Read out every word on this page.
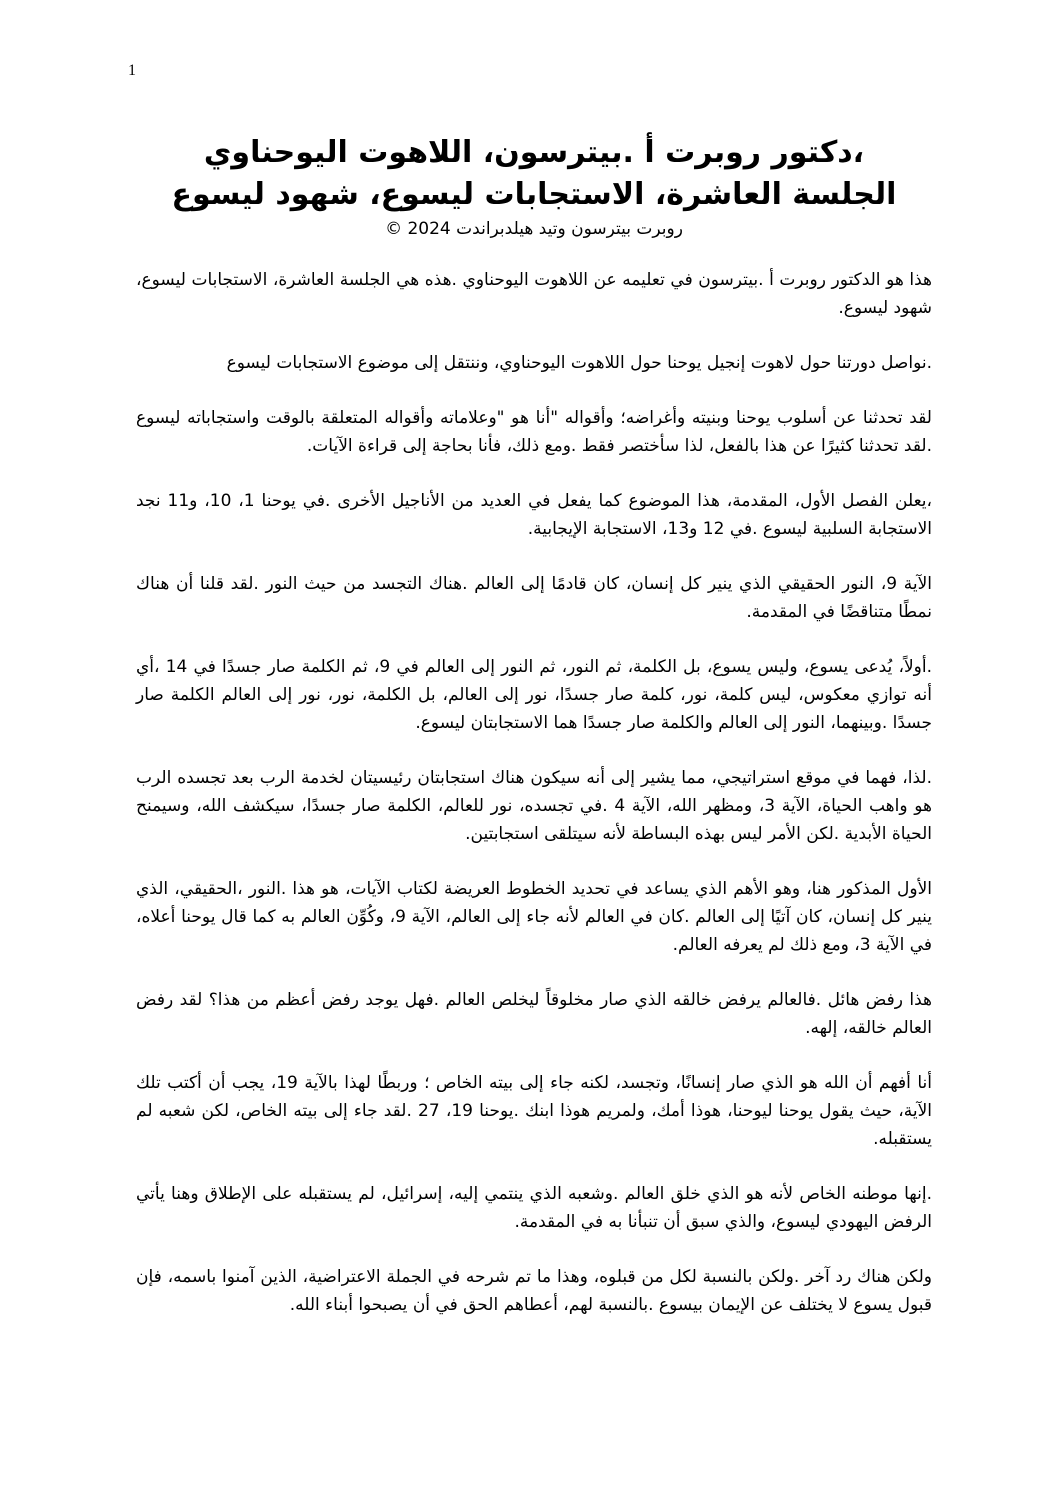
1
،دكتور روبرت أ .بيترسون، اللاهوت اليوحناوي
الجلسة العاشرة، الاستجابات ليسوع، شهود ليسوع

روبرت بيترسون وتيد هيلدبراندت 2024 ©

هذا هو الدكتور روبرت أ .بيترسون في تعليمه عن اللاهوت اليوحناوي .هذه هي الجلسة العاشرة، الاستجابات ليسوع، شهود ليسوع.

.نواصل دورتنا حول لاهوت إنجيل يوحنا حول اللاهوت اليوحناوي، وننتقل إلى موضوع الاستجابات ليسوع

لقد تحدثنا عن أسلوب يوحنا وبنيته وأغراضه؛ وأقواله "أنا هو "وعلاماته وأقواله المتعلقة بالوقت واستجاباته ليسوع .لقد تحدثنا كثيرًا عن هذا بالفعل، لذا سأختصر فقط .ومع ذلك، فأنا بحاجة إلى قراءة الآيات.

،يعلن الفصل الأول، المقدمة، هذا الموضوع كما يفعل في العديد من الأناجيل الأخرى .في يوحنا 1، 10، و11 نجد الاستجابة السلبية ليسوع .في 12 و13، الاستجابة الإيجابية.

الآية 9، النور الحقيقي الذي ينير كل إنسان، كان قادمًا إلى العالم .هناك التجسد من حيث النور .لقد قلنا أن هناك نمطًا متناقضًا في المقدمة.

.أولاً، يُدعى يسوع، وليس يسوع، بل الكلمة، ثم النور، ثم النور إلى العالم في 9، ثم الكلمة صار جسدًا في 14 ،أي أنه توازي معكوس، ليس كلمة، نور، كلمة صار جسدًا، نور إلى العالم، بل الكلمة، نور، نور إلى العالم الكلمة صار جسدًا .وبينهما، النور إلى العالم والكلمة صار جسدًا هما الاستجابتان ليسوع.

.لذا، فهما في موقع استراتيجي، مما يشير إلى أنه سيكون هناك استجابتان رئيسيتان لخدمة الرب بعد تجسده الرب هو واهب الحياة، الآية 3، ومظهر الله، الآية 4 .في تجسده، نور للعالم، الكلمة صار جسدًا، سيكشف الله، وسيمنح الحياة الأبدية .لكن الأمر ليس بهذه البساطة لأنه سيتلقى استجابتين.

الأول المذكور هنا، وهو الأهم الذي يساعد في تحديد الخطوط العريضة لكتاب الآيات، هو هذا .النور ،الحقيقي، الذي ينير كل إنسان، كان آتيًا إلى العالم .كان في العالم لأنه جاء إلى العالم، الآية 9، وكُوِّن العالم به كما قال يوحنا أعلاه، في الآية 3، ومع ذلك لم يعرفه العالم.

هذا رفض هائل .فالعالم يرفض خالقه الذي صار مخلوقاً ليخلص العالم .فهل يوجد رفض أعظم من هذا؟ لقد رفض العالم خالقه، إلهه.

أنا أفهم أن الله هو الذي صار إنسانًا، وتجسد، لكنه جاء إلى بيته الخاص ؛ وربطًا لهذا بالآية 19، يجب أن أكتب تلك الآية، حيث يقول يوحنا ليوحنا، هوذا أمك، ولمريم هوذا ابنك .يوحنا 19، 27 .لقد جاء إلى بيته الخاص، لكن شعبه لم يستقبله.

.إنها موطنه الخاص لأنه هو الذي خلق العالم .وشعبه الذي ينتمي إليه، إسرائيل، لم يستقبله على الإطلاق وهنا يأتي الرفض اليهودي ليسوع، والذي سبق أن تنبأنا به في المقدمة.

ولكن هناك رد آخر .ولكن بالنسبة لكل من قبلوه، وهذا ما تم شرحه في الجملة الاعتراضية، الذين آمنوا باسمه، فإن قبول يسوع لا يختلف عن الإيمان بيسوع .بالنسبة لهم، أعطاهم الحق في أن يصبحوا أبناء الله.
